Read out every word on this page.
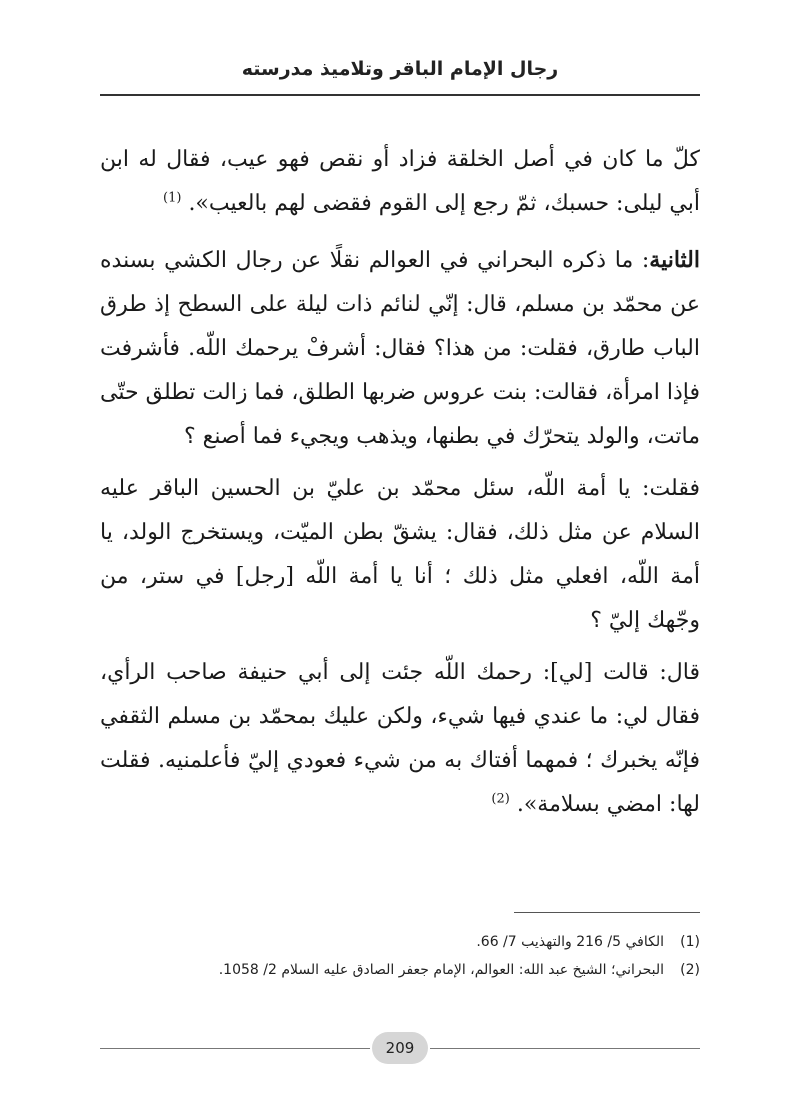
رجال الإمام الباقر وتلاميذ مدرسته

كلّ ما كان في أصل الخلقة فزاد أو نقص فهو عيب، فقال له ابن أبي ليلى: حسبك، ثمّ رجع إلى القوم فقضى لهم بالعيب». $^{(1)}$

الثانية: ما ذكره البحراني في العوالم نقلًا عن رجال الكشي بسنده عن محمّد بن مسلم، قال: إنّي لنائم ذات ليلة على السطح إذ طرق الباب طارق، فقلت: من هذا؟ فقال: أشرفْ يرحمك اللّه. فأشرفت فإذا امرأة، فقالت: بنت عروس ضربها الطلق، فما زالت تطلق حتّى ماتت، والولد يتحرّك في بطنها، ويذهب ويجيء فما أصنع ؟

فقلت: يا أمة اللّه، سئل محمّد بن عليّ بن الحسين الباقر عليه السلام عن مثل ذلك، فقال: يشقّ بطن الميّت، ويستخرج الولد، يا أمة اللّه، افعلي مثل ذلك ؛ أنا يا أمة اللّه [رجل] في ستر، من وجّهك إليّ ؟

قال: قالت [لي]: رحمك اللّه جئت إلى أبي حنيفة صاحب الرأي، فقال لي: ما عندي فيها شيء، ولكن عليك بمحمّد بن مسلم الثقفي فإنّه يخبرك ؛ فمهما أفتاك به من شيء فعودي إليّ فأعلمنيه. فقلت لها: امضي بسلامة». $^{(2)}$

(1)
الكافي 5/ 216 والتهذيب 7/ 66.
(2)
البحراني؛ الشيخ عبد الله: العوالم، الإمام جعفر الصادق عليه السلام 2/ 1058.
209
